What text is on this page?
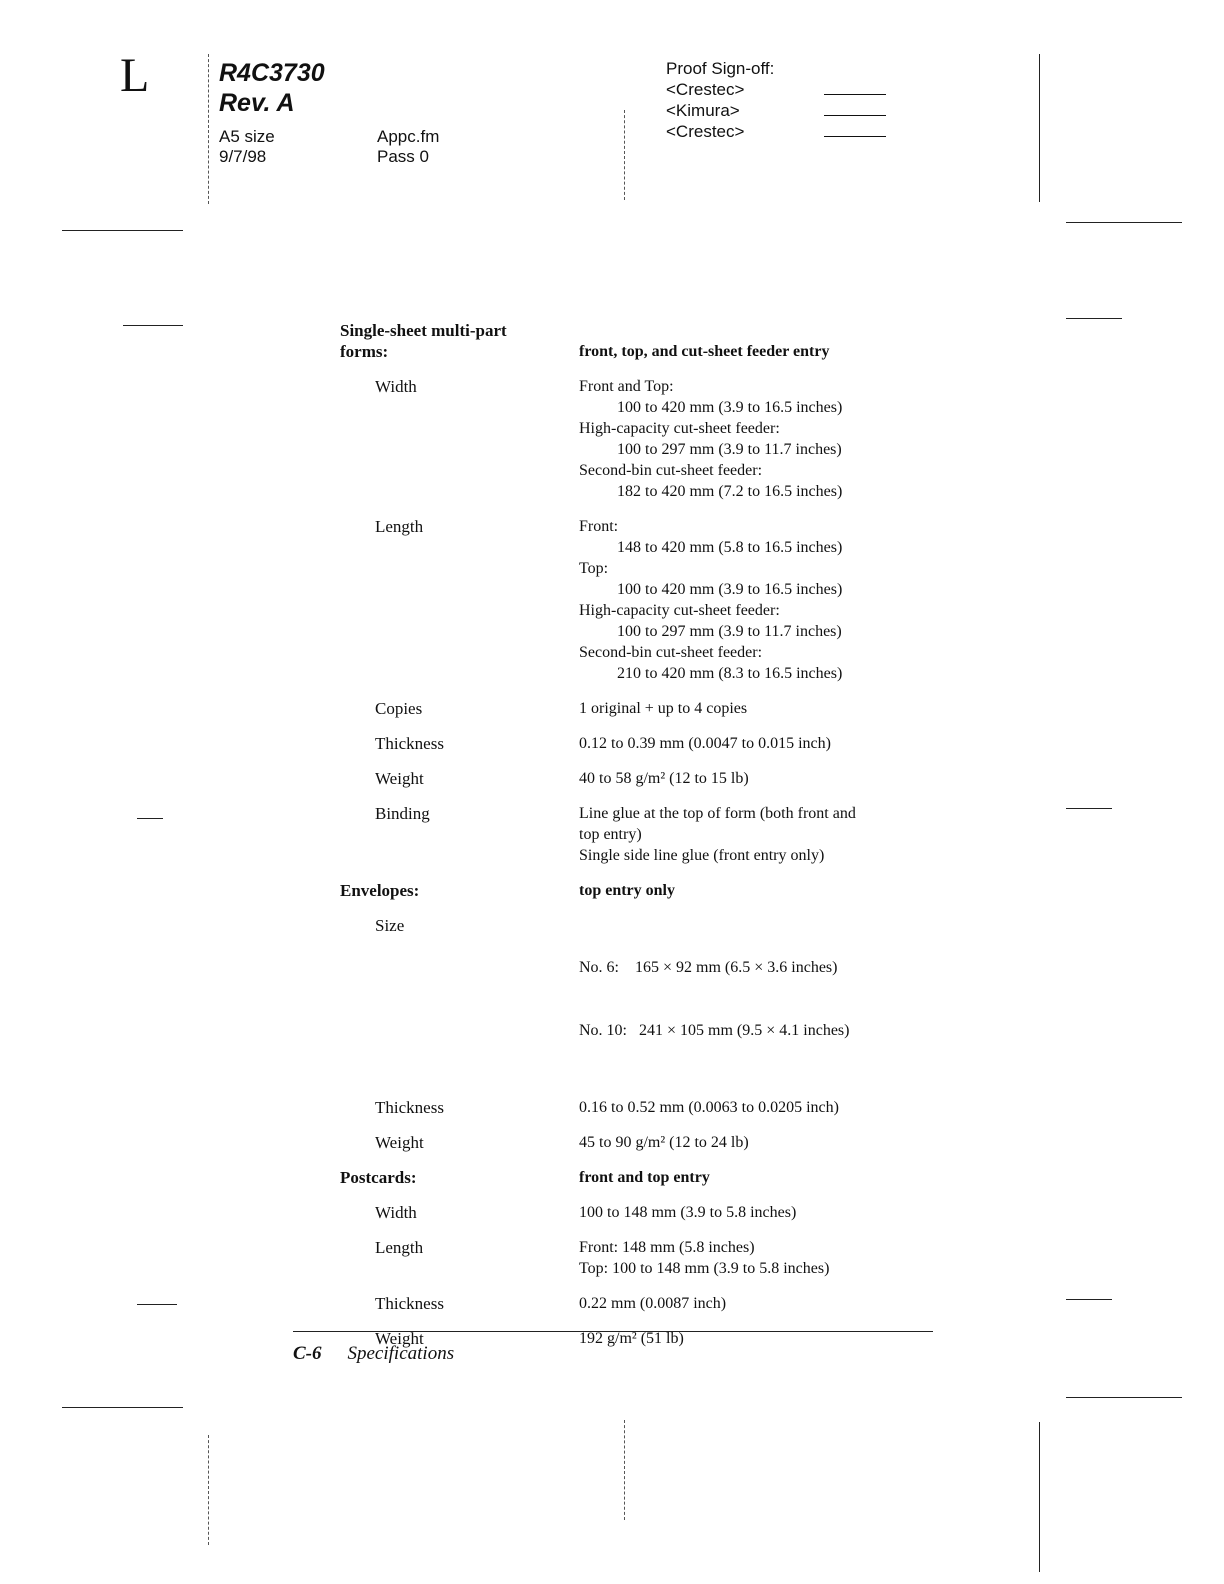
L	R4C3730
Rev. A
A5 size
9/7/98
Appc.fm
Pass 0
Proof Sign-off:
<Crestec>
<Kimura>
<Crestec>
Single-sheet multi-part
forms:	front, top, and cut-sheet feeder entry
Width	Front and Top:
100 to 420 mm (3.9 to 16.5 inches)
High-capacity cut-sheet feeder:
100 to 297 mm (3.9 to 11.7 inches)
Second-bin cut-sheet feeder:
182 to 420 mm (7.2 to 16.5 inches)
Length	Front:
148 to 420 mm (5.8 to 16.5 inches)
Top:
100 to 420 mm (3.9 to 16.5 inches)
High-capacity cut-sheet feeder:
100 to 297 mm (3.9 to 11.7 inches)
Second-bin cut-sheet feeder:
210 to 420 mm (8.3 to 16.5 inches)
Copies	1 original + up to 4 copies
Thickness	0.12 to 0.39 mm (0.0047 to 0.015 inch)
Weight	40 to 58 g/m² (12 to 15 lb)
Binding	Line glue at the top of form (both front and
top entry)
Single side line glue (front entry only)
Envelopes:	top entry only
Size

No. 6:    165 × 92 mm (6.5 × 3.6 inches)

No. 10:   241 × 105 mm (9.5 × 4.1 inches)

Thickness	0.16 to 0.52 mm (0.0063 to 0.0205 inch)
Weight	45 to 90 g/m² (12 to 24 lb)
Postcards:	front and top entry
Width	100 to 148 mm (3.9 to 5.8 inches)
Length	Front: 148 mm (5.8 inches)
Top: 100 to 148 mm (3.9 to 5.8 inches)
Thickness	0.22 mm (0.0087 inch)
Weight	192 g/m² (51 lb)
C-6 Specifications
